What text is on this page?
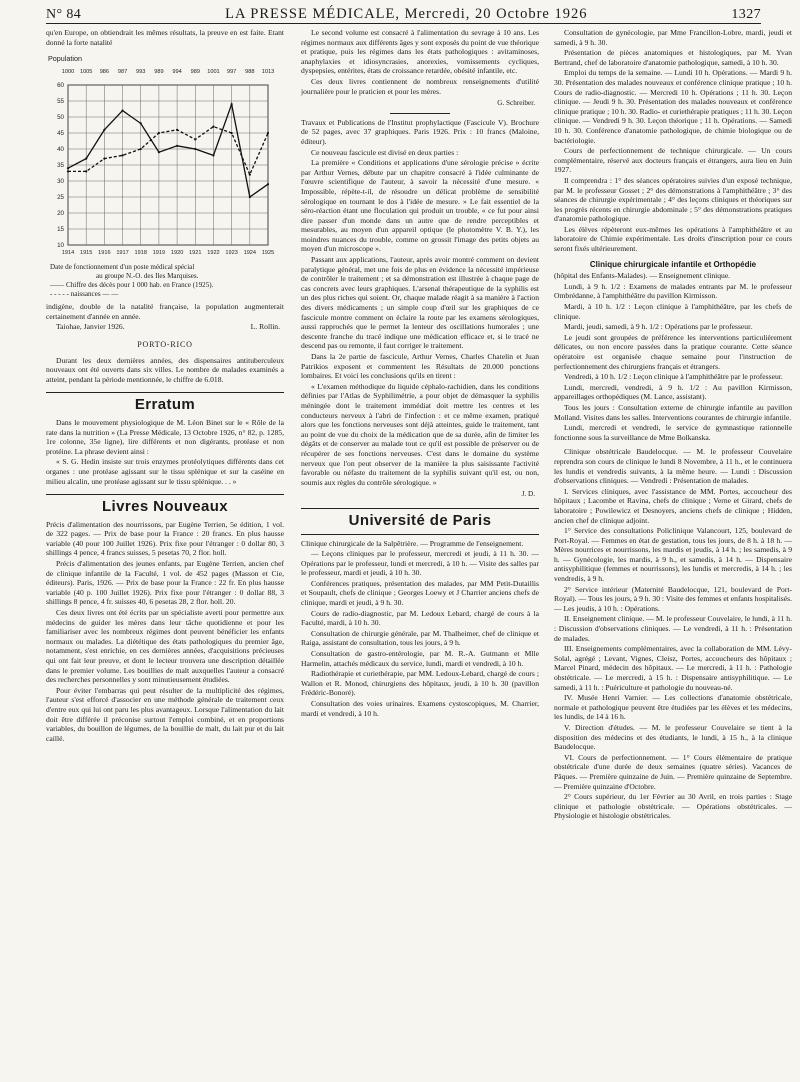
N° 84	LA PRESSE MÉDICALE, Mercredi, 20 Octobre 1926	1327

qu'en Europe, on obtiendrait les mêmes résultats, la preuve en est faite. Etant donné la forte natalité

Population
1000 1005 986 987 993 989 994 989 1001 997 988 1013
10
15
20
25
30
35
40
45
50
55
60
1914 1915 1916 1917 1918 1919 1920 1921 1922 1923 1924 1925
Date de fonctionnement d'un poste médical spécial
au groupe N.-O. des Iles Marquises.
—— Chiffre des décès pour 1 000 hab. en France (1925).
- - - - - naissances — —

indigène, double de la natalité française, la population augmenterait certainement d'année en année.

Taiohae, Janvier 1926.	L. Rollin.
PORTO-RICO

Durant les deux dernières années, des dispensaires antituberculeux nouveaux ont été ouverts dans six villes. Le nombre de malades examinés a atteint, pendant la période mentionnée, le chiffre de 6.018.

Erratum

Dans le mouvement physiologique de M. Léon Binet sur le « Rôle de la rate dans la nutrition » (La Presse Médicale, 13 Octobre 1926, n° 82, p. 1285, 1re colonne, 35e ligne), lire différents et non digérants, protéase et non protéine. La phrase devient ainsi :

« S. G. Hedin insiste sur trois enzymes protéolytiques différents dans cet organes : une protéase agissant sur le tissu splénique et sur la caséine en milieu alcalin, une protéase agissant sur le tissu splénique. . . »

Livres Nouveaux

Précis d'alimentation des nourrissons, par Eugène Terrien, 5e édition, 1 vol. de 322 pages. — Prix de base pour la France : 20 francs. En plus hausse variable (40 pour 100 Juillet 1926). Prix fixe pour l'étranger : 0 dollar 80, 3 shillings 4 pence, 4 francs suisses, 5 pesetas 70, 2 flor. holl.

Précis d'alimentation des jeunes enfants, par Eugène Terrien, ancien chef de clinique infantile de la Faculté, 1 vol. de 452 pages (Masson et Cie, éditeurs). Paris, 1926. — Prix de base pour la France : 22 fr. En plus hausse variable (40 p. 100 Juillet 1926). Prix fixe pour l'étranger : 0 dollar 88, 3 shillings 8 pence, 4 fr. suisses 40, 6 pesetas 28, 2 flor. holl. 20.

Ces deux livres ont été écrits par un spécialiste averti pour permettre aux médecins de guider les mères dans leur tâche quotidienne et pour les familiariser avec les nombreux régimes dont peuvent bénéficier les enfants normaux ou malades. La diététique des états pathologiques du premier âge, notamment, s'est enrichie, en ces dernières années, d'acquisitions précieuses qui ont fait leur preuve, et dont le lecteur trouvera une description détaillée dans le premier volume. Les bouillies de malt auxquelles l'auteur a consacré des recherches personnelles y sont minutieusement étudiées.

Pour éviter l'embarras qui peut résulter de la multiplicité des régimes, l'auteur s'est efforcé d'associer en une méthode générale de traitement ceux d'entre eux qui lui ont paru les plus avantageux. Lorsque l'alimentation du lait doit être différée il préconise surtout l'emploi combiné, et en proportions variables, du bouillon de légumes, de la bouillie de malt, du lait pur et du lait caillé.

Le second volume est consacré à l'alimentation du sevrage à 10 ans. Les régimes normaux aux différents âges y sont exposés du point de vue théorique et pratique, puis les régimes dans les états pathologiques : avitaminoses, anaphylaxies et idiosyncrasies, anorexies, vomissements cycliques, dyspepsies, entérites, états de croissance retardée, obésité infantile, etc.

Ces deux livres contiennent de nombreux renseignements d'utilité journalière pour le praticien et pour les mères.

G. Schreiber.

Travaux et Publications de l'Institut prophylactique (Fascicule V). Brochure de 52 pages, avec 37 graphiques. Paris 1926. Prix : 10 francs (Maloine, éditeur).

Ce nouveau fascicule est divisé en deux parties :

La première « Conditions et applications d'une sérologie précise » écrite par Arthur Vernes, débute par un chapitre consacré à l'idée culminante de l'œuvre scientifique de l'auteur, à savoir la nécessité d'une mesure. « Impossible, répète-t-il, de résoudre un délicat problème de sensibilité sérologique en tournant le dos à l'idée de mesure. » Le fait essentiel de la séro-réaction étant une floculation qui produit un trouble, « ce fut pour ainsi dire passer d'un monde dans un autre que de rendre perceptibles et mesurables, au moyen d'un appareil optique (le photomètre V. B. Y.), les moindres nuances du trouble, comme on grossit l'image des petits objets au moyen d'un microscope ».

Passant aux applications, l'auteur, après avoir montré comment on devient paralytique général, met une fois de plus en évidence la nécessité impérieuse de contrôler le traitement ; et sa démonstration est illustrée à chaque page de cas concrets avec leurs graphiques. L'arsenal thérapeutique de la syphilis est un des plus riches qui soient. Or, chaque malade réagit à sa manière à l'action des divers médicaments ; un simple coup d'œil sur les graphiques de ce fascicule montre comment on éclaire la route par les examens sérologiques, aussi rapprochés que le permet la lenteur des oscillations humorales ; une descente franche du tracé indique une médication efficace et, si le tracé ne descend pas ou remonte, il faut corriger le traitement.

Dans la 2e partie de fascicule, Arthur Vernes, Charles Chatelin et Juan Patrikios exposent et commentent les Résultats de 20.000 ponctions lombaires. Et voici les conclusions qu'ils en tirent :

« L'examen méthodique du liquide céphalo-rachidien, dans les conditions définies par l'Atlas de Syphilimétrie, a pour objet de démasquer la syphilis méningée dont le traitement immédiat doit mettre les centres et les conducteurs nerveux à l'abri de l'infection : et ce même examen, pratiqué alors que les fonctions nerveuses sont déjà atteintes, guide le traitement, tant au point de vue du choix de la médication que de sa durée, afin de limiter les dégâts et de conserver au malade tout ce qu'il est possible de préserver ou de récupérer de ses fonctions nerveuses. C'est dans le domaine du système nerveux que l'on peut observer de la manière la plus saisissante l'activité favorable ou néfaste du traitement de la syphilis suivant qu'il est, ou non, soumis aux règles du contrôle sérologique. »

J. D.
Université de Paris

Clinique chirurgicale de la Salpêtrière. — Programme de l'enseignement.

— Leçons cliniques par le professeur, mercredi et jeudi, à 11 h. 30. — Opérations par le professeur, lundi et mercredi, à 10 h. — Visite des salles par le professeur, mardi et jeudi, à 10 h. 30.

Conférences pratiques, présentation des malades, par MM Petit-Dutaillis et Soupault, chefs de clinique ; Georges Loewy et J Charrier anciens chefs de clinique, mardi et jeudi, à 9 h. 30.

Cours de radio-diagnostic, par M. Ledoux Lebard, chargé de cours à la Faculté, mardi, à 10 h. 30.

Consultation de chirurgie générale, par M. Thalheimer, chef de clinique et Raiga, assistant de consultation, tous les jours, à 9 h.

Consultation de gastro-entérologie, par M. R.-A. Gutmann et Mlle Harmelin, attachés médicaux du service, lundi, mardi et vendredi, à 10 h.

Radiothérapie et curiethérapie, par MM. Ledoux-Lebard, chargé de cours ; Wallon et R. Monod, chirurgiens des hôpitaux, jeudi, à 10 h. 30 (pavillon Frédéric-Bonoré).

Consultation des voies urinaires. Examens cystoscopiques, M. Charrier, mardi et vendredi, à 10 h.

Consultation de gynécologie, par Mme Francillon-Lobre, mardi, jeudi et samedi, à 9 h. 30.

Présentation de pièces anatomiques et histologiques, par M. Yvan Bertrand, chef de laboratoire d'anatomie pathologique, samedi, à 10 h. 30.

Emploi du temps de la semaine. — Lundi 10 h. Opérations. — Mardi 9 h. 30. Présentation des malades nouveaux et conférence clinique pratique ; 10 h. Cours de radio-diagnostic. — Mercredi 10 h. Opérations ; 11 h. 30. Leçon clinique. — Jeudi 9 h. 30. Présentation des malades nouveaux et conférence clinique pratique ; 10 h. 30. Radio- et curiethérapie pratiques ; 11 h. 30. Leçon clinique. — Vendredi 9 h. 30. Leçon théorique ; 11 h. Opérations. — Samedi 10 h. 30. Conférence d'anatomie pathologique, de chimie biologique ou de bactériologie.

Cours de perfectionnement de technique chirurgicale. — Un cours complémentaire, réservé aux docteurs français et étrangers, aura lieu en Juin 1927.

Il comprendra : 1° des séances opératoires suivies d'un exposé technique, par M. le professeur Gosset ; 2° des démonstrations à l'amphithéâtre ; 3° des séances de chirurgie expérimentale ; 4° des leçons cliniques et théoriques sur les progrès récents en chirurgie abdominale ; 5° des démonstrations pratiques d'anatomie pathologique.

Les élèves répèteront eux-mêmes les opérations à l'amphithéâtre et au laboratoire de Chimie expérimentale. Les droits d'inscription pour ce cours seront fixés ultérieurement.

Clinique chirurgicale infantile et Orthopédie

(hôpital des Enfants-Malades). — Enseignement clinique.

Lundi, à 9 h. 1/2 : Examens de malades entrants par M. le professeur Ombrédanne, à l'amphithéâtre du pavillon Kirmisson.

Mardi, à 10 h. 1/2 : Leçon clinique à l'amphithéâtre, par les chefs de clinique.

Mardi, jeudi, samedi, à 9 h. 1/2 : Opérations par le professeur.

Le jeudi sont groupées de préférence les interventions particulièrement délicates, ou non encore passées dans la pratique courante. Cette séance opératoire est organisée chaque semaine pour l'instruction de perfectionnement des chirurgiens français et étrangers.

Vendredi, à 10 h. 1/2 : Leçon clinique à l'amphithéâtre par le professeur.

Lundi, mercredi, vendredi, à 9 h. 1/2 : Au pavillon Kirmisson, appareillages orthopédiques (M. Lance, assistant).

Tous les jours : Consultation externe de chirurgie infantile au pavillon Molland. Visites dans les salles. Interventions courantes de chirurgie infantile.

Lundi, mercredi et vendredi, le service de gymnastique rationnelle fonctionne sous la surveillance de Mme Bolkanska.

Clinique obstétricale Baudelocque. — M. le professeur Couvelaire reprendra son cours de clinique le lundi 8 Novembre, à 11 h., et le continuera les lundis et vendredis suivants, à la même heure. — Lundi : Discussion d'observations cliniques. — Vendredi : Présentation de malades.

I. Services cliniques, avec l'assistance de MM. Portes, accoucheur des hôpitaux ; Lacombe et Ravina, chefs de clinique ; Verne et Girard, chefs de laboratoire ; Powilewicz et Desnoyers, anciens chefs de clinique ; Hidden, ancien chef de clinique adjoint.

1° Service des consultations Policlinique Valancourt, 125, boulevard de Port-Royal. — Femmes en état de gestation, tous les jours, de 8 h. à 18 h. — Mères nourrices et nourrissons, les mardis et jeudis, à 14 h. ; les samedis, à 9 h. — Gynécologie, les mardis, à 9 h., et samedis, à 14 h. — Dispensaire antisyphilitique (femmes et nourrissons), les lundis et mercredis, à 14 h. ; les vendredis, à 9 h.

2° Service intérieur (Maternité Baudelocque, 121, boulevard de Port-Royal). — Tous les jours, à 9 h. 30 : Visite des femmes et enfants hospitalisés. — Les jeudis, à 10 h. : Opérations.

II. Enseignement clinique. — M. le professeur Couvelaire, le lundi, à 11 h. : Discussion d'observations cliniques. — Le vendredi, à 11 h. : Présentation de malades.

III. Enseignements complémentaires, avec la collaboration de MM. Lévy-Solal, agrégé ; Levant, Vignes, Cleisz, Portes, accoucheurs des hôpitaux ; Marcel Pinard, médecin des hôpitaux. — Le mercredi, à 11 h. : Pathologie obstétricale. — Le mercredi, à 15 h. : Dispensaire antisyphilitique. — Le samedi, à 11 h. : Puériculture et pathologie du nouveau-né.

IV. Musée Henri Varnier. — Les collections d'anatomie obstétricale, normale et pathologique peuvent être étudiées par les élèves et les médecins, les lundis, de 14 à 16 h.

V. Direction d'études. — M. le professeur Couvelaire se tient à la disposition des médecins et des étudiants, le lundi, à 15 h., à la clinique Baudelocque.

VI. Cours de perfectionnement. — 1° Cours élémentaire de pratique obstétricale d'une durée de deux semaines (quatre séries). Vacances de Pâques. — Première quinzaine de Juin. — Première quinzaine de Septembre. — Première quinzaine d'Octobre.

2° Cours supérieur, du 1er Février au 30 Avril, en trois parties : Stage clinique et pathologie obstétricale. — Opérations obstétricales. — Physiologie et histologie obstétricales.
